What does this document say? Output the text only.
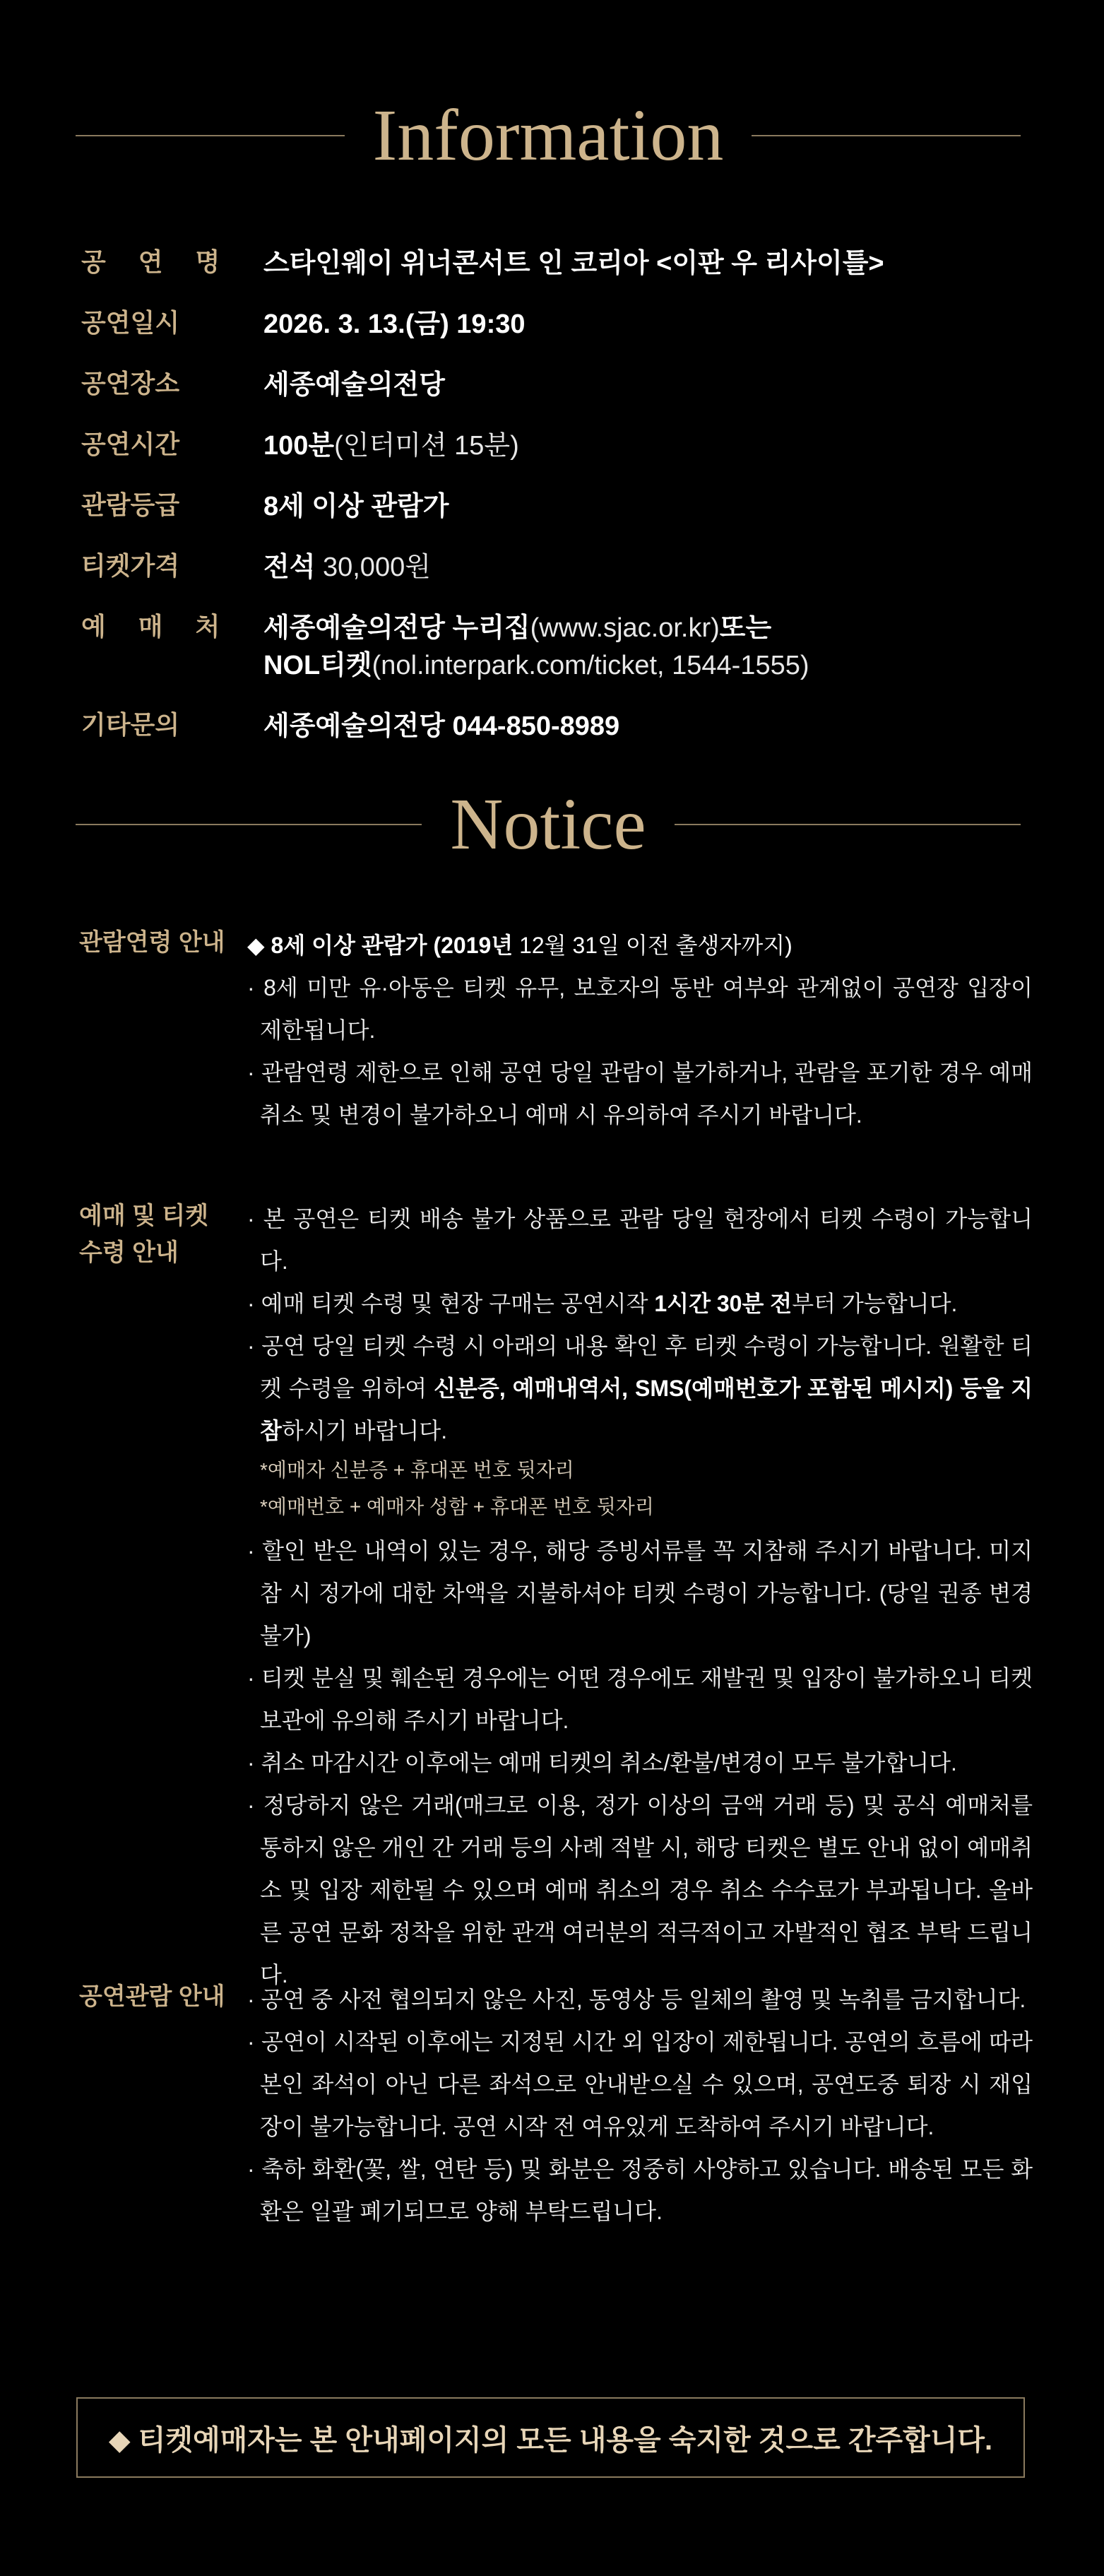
Information
공 연 명	스타인웨이 위너콘서트 인 코리아 <이판 우 리사이틀>
공연일시	2026. 3. 13.(금) 19:30
공연장소	세종예술의전당
공연시간	100분(인터미션 15분)
관람등급	8세 이상 관람가
티켓가격	전석 30,000원
예 매 처	세종예술의전당 누리집(www.sjac.or.kr)또는
NOL티켓(nol.interpark.com/ticket, 1544-1555)
기타문의	세종예술의전당 044-850-8989
Notice
관람연령 안내 ◆ 8세 이상 관람가 (2019년 12월 31일 이전 출생자까지)
· 8세 미만 유·아동은 티켓 유무, 보호자의 동반 여부와 관계없이 공연장 입장이 제한됩니다.
· 관람연령 제한으로 인해 공연 당일 관람이 불가하거나, 관람을 포기한 경우 예매취소 및 변경이 불가하오니 예매 시 유의하여 주시기 바랍니다.
예매 및 티켓
수령 안내
· 본 공연은 티켓 배송 불가 상품으로 관람 당일 현장에서 티켓 수령이 가능합니다.
· 예매 티켓 수령 및 현장 구매는 공연시작 1시간 30분 전부터 가능합니다.
· 공연 당일 티켓 수령 시 아래의 내용 확인 후 티켓 수령이 가능합니다. 원활한 티켓 수령을 위하여 신분증, 예매내역서, SMS(예매번호가 포함된 메시지) 등을 지참하시기 바랍니다.
*예매자 신분증 + 휴대폰 번호 뒷자리
*예매번호 + 예매자 성함 + 휴대폰 번호 뒷자리
· 할인 받은 내역이 있는 경우, 해당 증빙서류를 꼭 지참해 주시기 바랍니다. 미지참 시 정가에 대한 차액을 지불하셔야 티켓 수령이 가능합니다. (당일 권종 변경 불가)
· 티켓 분실 및 훼손된 경우에는 어떤 경우에도 재발권 및 입장이 불가하오니 티켓 보관에 유의해 주시기 바랍니다.
· 취소 마감시간 이후에는 예매 티켓의 취소/환불/변경이 모두 불가합니다.
· 정당하지 않은 거래(매크로 이용, 정가 이상의 금액 거래 등) 및 공식 예매처를 통하지 않은 개인 간 거래 등의 사례 적발 시, 해당 티켓은 별도 안내 없이 예매취소 및 입장 제한될 수 있으며 예매 취소의 경우 취소 수수료가 부과됩니다. 올바른 공연 문화 정착을 위한 관객 여러분의 적극적이고 자발적인 협조 부탁 드립니다.
공연관람 안내 · 공연 중 사전 협의되지 않은 사진, 동영상 등 일체의 촬영 및 녹취를 금지합니다.
· 공연이 시작된 이후에는 지정된 시간 외 입장이 제한됩니다. 공연의 흐름에 따라 본인 좌석이 아닌 다른 좌석으로 안내받으실 수 있으며, 공연도중 퇴장 시 재입장이 불가능합니다. 공연 시작 전 여유있게 도착하여 주시기 바랍니다.
· 축하 화환(꽃, 쌀, 연탄 등) 및 화분은 정중히 사양하고 있습니다. 배송된 모든 화환은 일괄 폐기되므로 양해 부탁드립니다.
◆ 티켓예매자는 본 안내페이지의 모든 내용을 숙지한 것으로 간주합니다.
